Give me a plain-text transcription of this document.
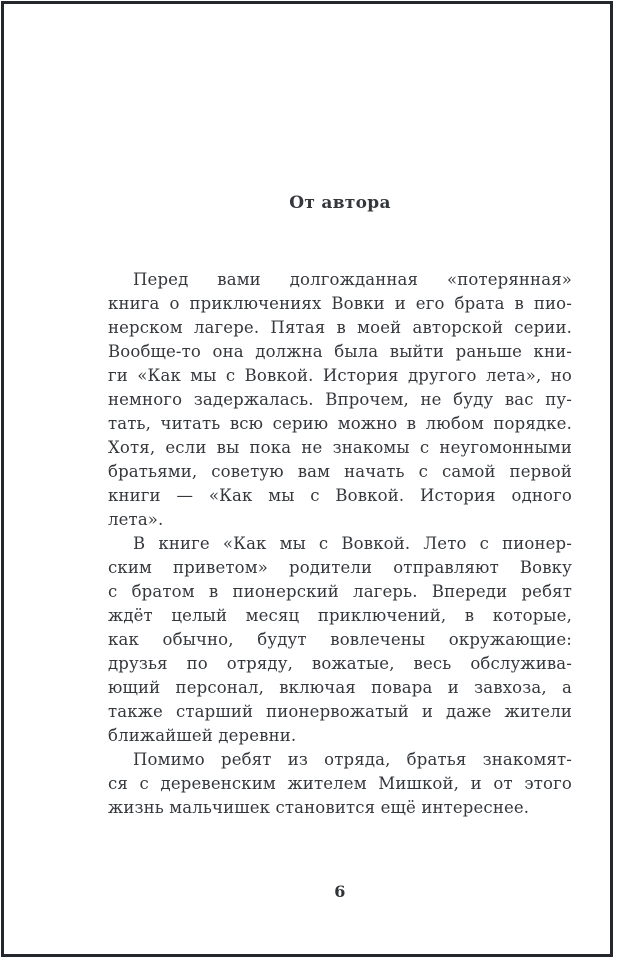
От автора
Перед вами долгожданная «потерянная»
книга о приключениях Вовки и его брата в пио-
нерском лагере. Пятая в моей авторской серии.
Вообще-то она должна была выйти раньше кни-
ги «Как мы с Вовкой. История другого лета», но
немного задержалась. Впрочем, не буду вас пу-
тать, читать всю серию можно в любом порядке.
Хотя, если вы пока не знакомы с неугомонными
братьями, советую вам начать с самой первой
книги — «Как мы с Вовкой. История одного
лета».
В книге «Как мы с Вовкой. Лето с пионер-
ским приветом» родители отправляют Вовку
с братом в пионерский лагерь. Впереди ребят
ждёт целый месяц приключений, в которые,
как обычно, будут вовлечены окружающие:
друзья по отряду, вожатые, весь обслужива-
ющий персонал, включая повара и завхоза, а
также старший пионервожатый и даже жители
ближайшей деревни.
Помимо ребят из отряда, братья знакомят-
ся с деревенским жителем Мишкой, и от этого
жизнь мальчишек становится ещё интереснее.
6
